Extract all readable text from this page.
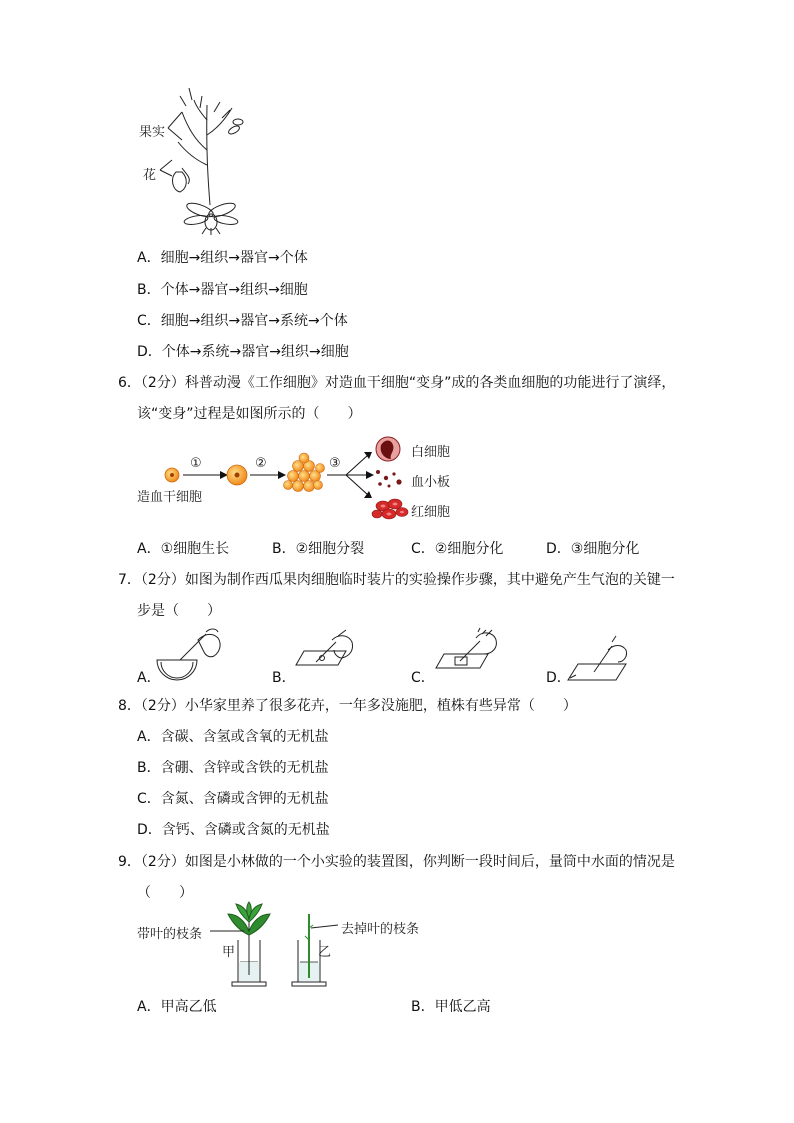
果实
花
A．细胞→组织→器官→个体
B．个体→器官→组织→细胞
C．细胞→组织→器官→系统→个体
D．个体→系统→器官→组织→细胞
6．（2分）科普动漫《工作细胞》对造血干细胞“变身”成的各类血细胞的功能进行了演绎，
该“变身”过程是如图所示的（　　）
①	②	③
造血干细胞
白细胞
血小板
红细胞
A．①细胞生长	B．②细胞分裂	C．②细胞分化	D．③细胞分化
7．（2分）如图为制作西瓜果肉细胞临时装片的实验操作步骤，其中避免产生气泡的关键一
步是（　　）
A．	B．	C．	D．
8．（2分）小华家里养了很多花卉，一年多没施肥，植株有些异常（　　）
A．含碳、含氢或含氧的无机盐
B．含硼、含锌或含铁的无机盐
C．含氮、含磷或含钾的无机盐
D．含钙、含磷或含氮的无机盐
9．（2分）如图是小林做的一个小实验的装置图，你判断一段时间后，量筒中水面的情况是
（　　）
带叶的枝条	去掉叶的枝条
甲	乙
A．甲高乙低	B．甲低乙高
